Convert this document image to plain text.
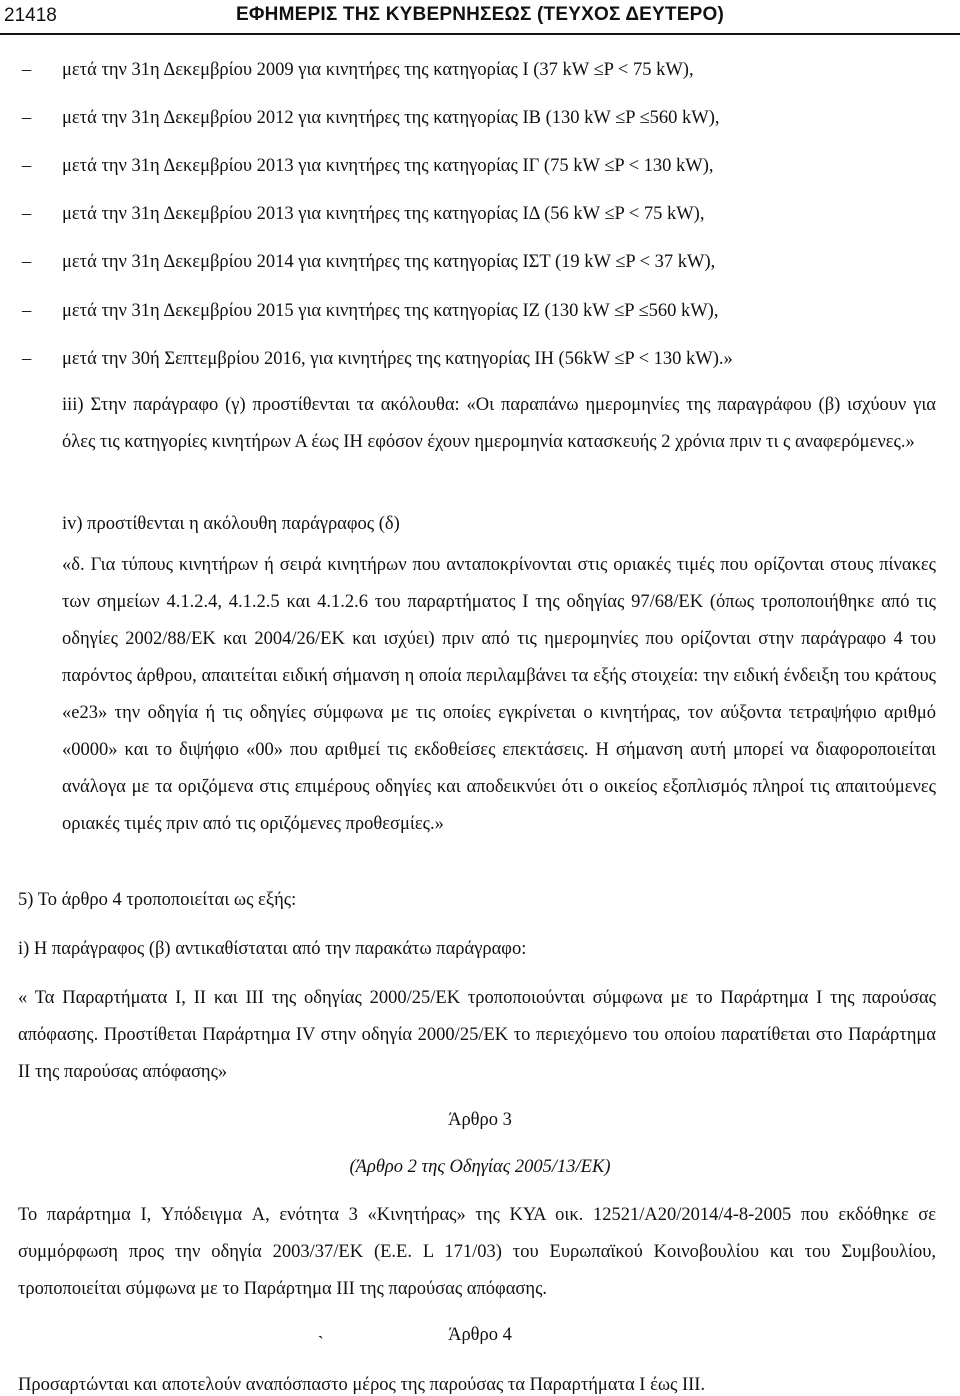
21418	ΕΦΗΜΕΡΙΣ ΤΗΣ ΚΥΒΕΡΝΗΣΕΩΣ (ΤΕΥΧΟΣ ΔΕΥΤΕΡΟ)
– μετά την 31η Δεκεμβρίου 2009 για κινητήρες της κατηγορίας I (37 kW ≤P < 75 kW),
– μετά την 31η Δεκεμβρίου 2012 για κινητήρες της κατηγορίας IB (130 kW ≤P ≤560 kW),
– μετά την 31η Δεκεμβρίου 2013 για κινητήρες της κατηγορίας ΙΓ (75 kW ≤P < 130 kW),
– μετά την 31η Δεκεμβρίου 2013 για κινητήρες της κατηγορίας ΙΔ (56 kW ≤P < 75 kW),
– μετά την 31η Δεκεμβρίου 2014 για κινητήρες της κατηγορίας ΙΣΤ (19 kW ≤P < 37 kW),
– μετά την 31η Δεκεμβρίου 2015 για κινητήρες της κατηγορίας ΙΖ (130 kW ≤P ≤560 kW),
– μετά την 30ή Σεπτεμβρίου 2016, για κινητήρες της κατηγορίας ΙΗ (56kW ≤P < 130 kW).»
iii) Στην παράγραφο (γ) προστίθενται τα ακόλουθα: «Οι παραπάνω ημερομηνίες της παραγράφου (β) ισχύουν για όλες τις κατηγορίες κινητήρων Α έως ΙΗ εφόσον έχουν ημερομηνία κατασκευής 2 χρόνια πριν τι ς αναφερόμενες.»
iv) προστίθενται η ακόλουθη παράγραφος (δ)
«δ. Για τύπους κινητήρων ή σειρά κινητήρων που ανταποκρίνονται στις οριακές τιμές που ορίζονται στους πίνακες των σημείων 4.1.2.4, 4.1.2.5 και 4.1.2.6 του παραρτήματος I της οδηγίας 97/68/ΕΚ (όπως τροποποιήθηκε από τις οδηγίες 2002/88/ΕΚ και 2004/26/ΕΚ και ισχύει) πριν από τις ημερομηνίες που ορίζονται στην παράγραφο 4 του παρόντος άρθρου, απαιτείται ειδική σήμανση η οποία περιλαμβάνει τα εξής στοιχεία: την ειδική ένδειξη του κράτους «e23» την οδηγία ή τις οδηγίες σύμφωνα με τις οποίες εγκρίνεται ο κινητήρας, τον αύξοντα τετραψήφιο αριθμό «0000» και το διψήφιο «00» που αριθμεί τις εκδοθείσες επεκτάσεις. Η σήμανση αυτή μπορεί να διαφοροποιείται ανάλογα με τα οριζόμενα στις επιμέρους οδηγίες και αποδεικνύει ότι ο οικείος εξοπλισμός πληροί τις απαιτούμενες οριακές τιμές πριν από τις οριζόμενες προθεσμίες.»
5) Το άρθρο 4 τροποποιείται ως εξής:
i) Η παράγραφος (β) αντικαθίσταται από την παρακάτω παράγραφο:
« Τα Παραρτήματα I, II και III της οδηγίας 2000/25/ΕΚ τροποποιούνται σύμφωνα με το Παράρτημα I της παρούσας απόφασης. Προστίθεται Παράρτημα IV στην οδηγία 2000/25/ΕΚ το περιεχόμενο του οποίου παρατίθεται στο Παράρτημα II της παρούσας απόφασης»
Άρθρο 3
(Άρθρο 2 της Οδηγίας 2005/13/ΕΚ)
Το παράρτημα I, Υπόδειγμα A, ενότητα 3 «Κινητήρας» της ΚΥΑ οικ. 12521/Α20/2014/4-8-2005 που εκδόθηκε σε συμμόρφωση προς την οδηγία 2003/37/ΕΚ (Ε.Ε. L 171/03) του Ευρωπαϊκού Κοινοβουλίου και του Συμβουλίου, τροποποιείται σύμφωνα με το Παράρτημα III της παρούσας απόφασης.
ˎ	Άρθρο 4
Προσαρτώνται και αποτελούν αναπόσπαστο μέρος της παρούσας τα Παραρτήματα I έως III.
